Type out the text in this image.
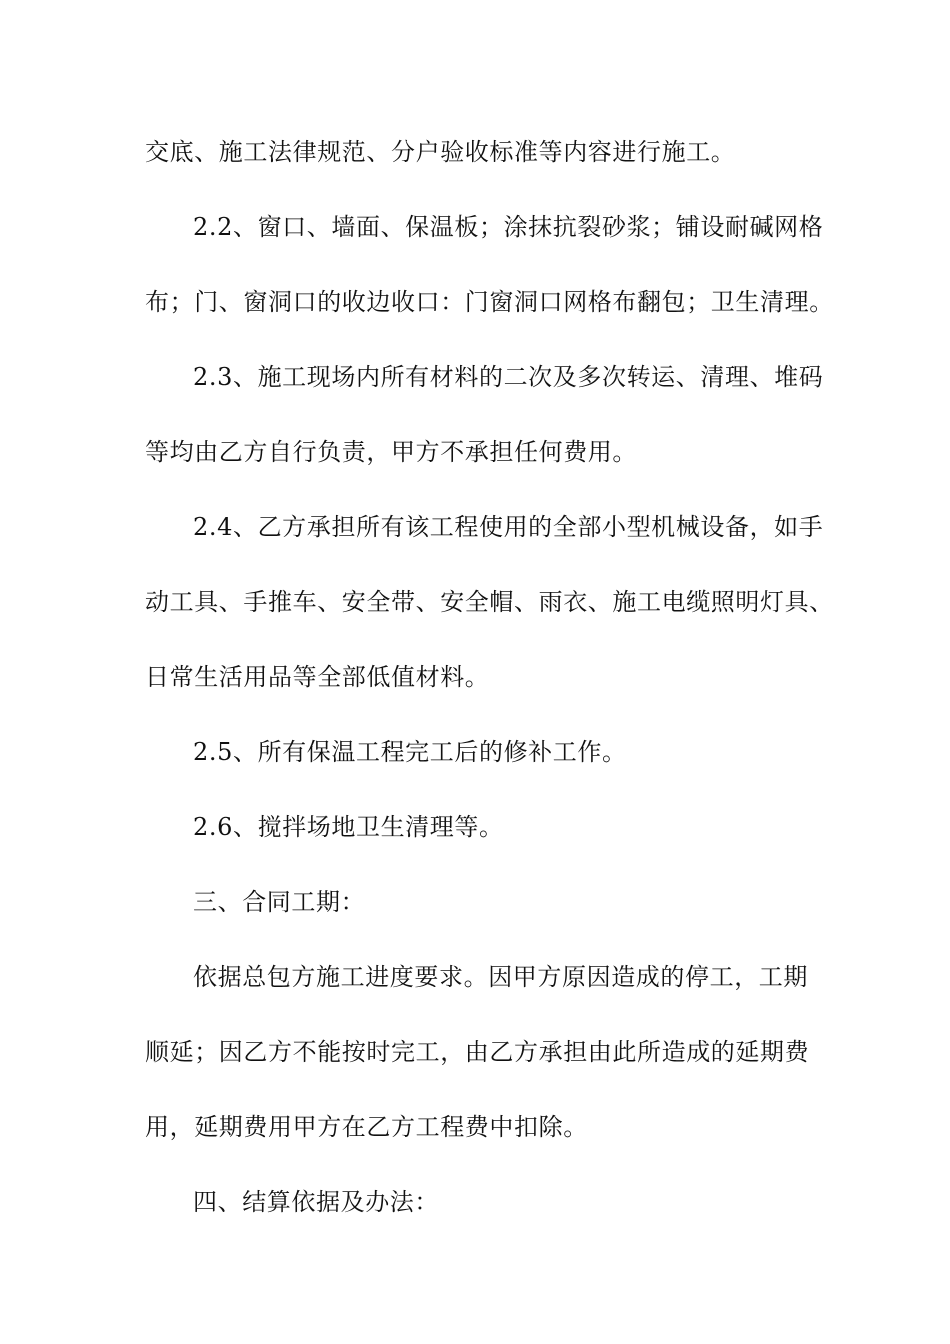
交底、施工法律规范、分户验收标准等内容进行施工。
2.2、窗口、墙面、保温板；涂抹抗裂砂浆；铺设耐碱网格
布；门、窗洞口的收边收口：门窗洞口网格布翻包；卫生清理。
2.3、施工现场内所有材料的二次及多次转运、清理、堆码
等均由乙方自行负责，甲方不承担任何费用。
2.4、乙方承担所有该工程使用的全部小型机械设备，如手
动工具、手推车、安全带、安全帽、雨衣、施工电缆照明灯具、
日常生活用品等全部低值材料。
2.5、所有保温工程完工后的修补工作。
2.6、搅拌场地卫生清理等。
三、合同工期：
依据总包方施工进度要求。因甲方原因造成的停工，工期
顺延；因乙方不能按时完工，由乙方承担由此所造成的延期费
用，延期费用甲方在乙方工程费中扣除。
四、结算依据及办法：
